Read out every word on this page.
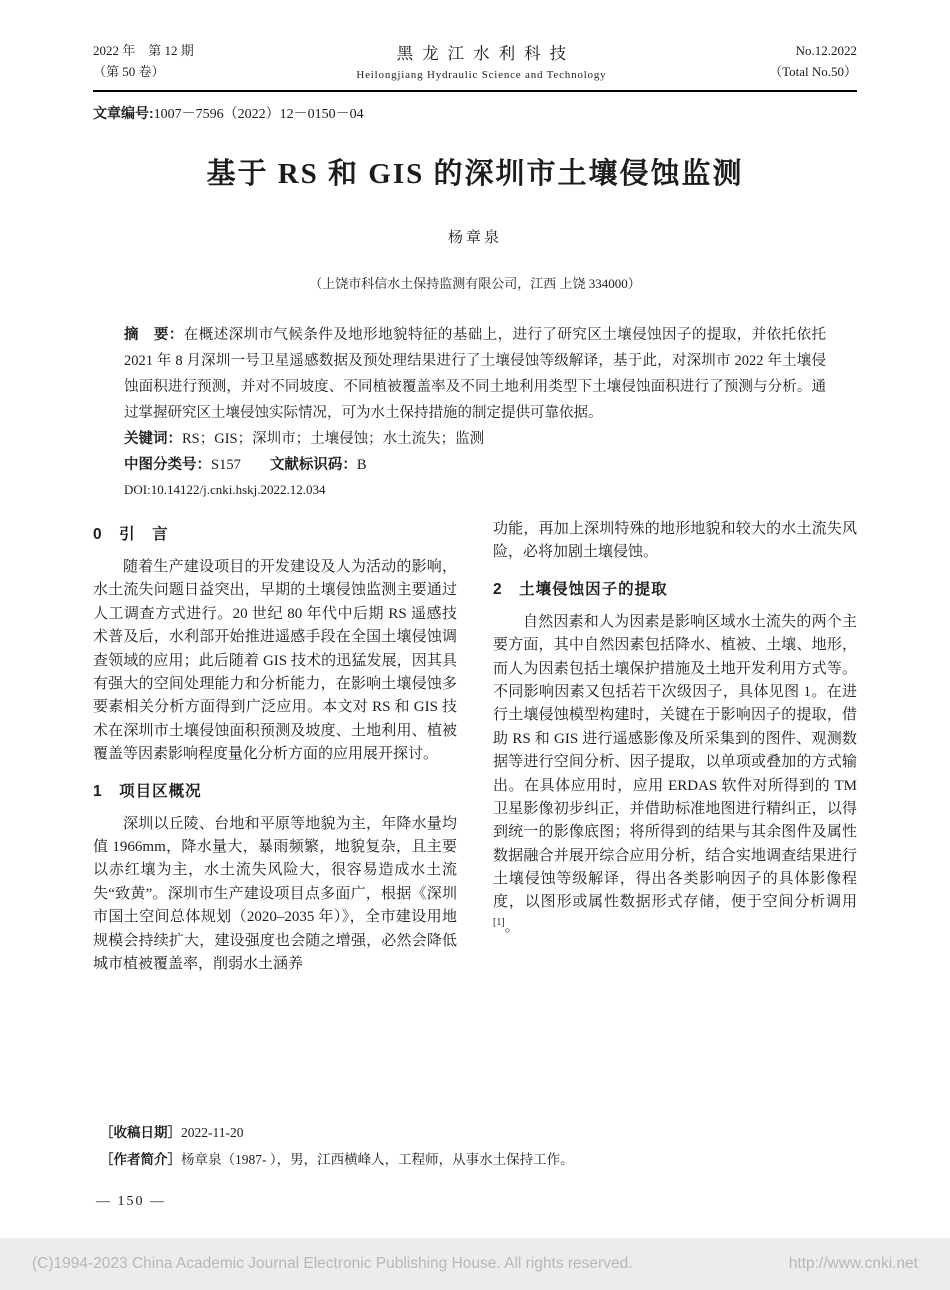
2022 年　第 12 期
（第 50 卷）
黑龙江水利科技
Heilongjiang Hydraulic Science and Technology
No.12.2022
（Total No.50）
文章编号:1007－7596（2022）12－0150－04
基于 RS 和 GIS 的深圳市土壤侵蚀监测
杨章泉
（上饶市科信水土保持监测有限公司，江西 上饶 334000）

摘　要：在概述深圳市气候条件及地形地貌特征的基础上，进行了研究区土壤侵蚀因子的提取，并依托依托 2021 年 8 月深圳一号卫星遥感数据及预处理结果进行了土壤侵蚀等级解译，基于此，对深圳市 2022 年土壤侵蚀面积进行预测，并对不同坡度、不同植被覆盖率及不同土地利用类型下土壤侵蚀面积进行了预测与分析。通过掌握研究区土壤侵蚀实际情况，可为水土保持措施的制定提供可靠依据。

关键词：RS；GIS；深圳市；土壤侵蚀；水土流失；监测

中图分类号：S157 文献标识码：B

DOI:10.14122/j.cnki.hskj.2022.12.034

0　引　言

随着生产建设项目的开发建设及人为活动的影响，水土流失问题日益突出，早期的土壤侵蚀监测主要通过人工调查方式进行。20 世纪 80 年代中后期 RS 遥感技术普及后，水利部开始推进遥感手段在全国土壤侵蚀调查领域的应用；此后随着 GIS 技术的迅猛发展，因其具有强大的空间处理能力和分析能力，在影响土壤侵蚀多要素相关分析方面得到广泛应用。本文对 RS 和 GIS 技术在深圳市土壤侵蚀面积预测及坡度、土地利用、植被覆盖等因素影响程度量化分析方面的应用展开探讨。

1　项目区概况

深圳以丘陵、台地和平原等地貌为主，年降水量均值 1966mm，降水量大，暴雨频繁，地貌复杂，且主要以赤红壤为主，水土流失风险大，很容易造成水土流失“致黄”。深圳市生产建设项目点多面广，根据《深圳市国土空间总体规划（2020–2035 年）》，全市建设用地规模会持续扩大，建设强度也会随之增强，必然会降低城市植被覆盖率，削弱水土涵养

功能，再加上深圳特殊的地形地貌和较大的水土流失风险，必将加剧土壤侵蚀。

2　土壤侵蚀因子的提取

自然因素和人为因素是影响区域水土流失的两个主要方面，其中自然因素包括降水、植被、土壤、地形，而人为因素包括土壤保护措施及土地开发利用方式等。不同影响因素又包括若干次级因子，具体见图 1。在进行土壤侵蚀模型构建时，关键在于影响因子的提取，借助 RS 和 GIS 进行遥感影像及所采集到的图件、观测数据等进行空间分析、因子提取，以单项或叠加的方式输出。在具体应用时，应用 ERDAS 软件对所得到的 TM 卫星影像初步纠正，并借助标准地图进行精纠正，以得到统一的影像底图；将所得到的结果与其余图件及属性数据融合并展开综合应用分析，结合实地调查结果进行土壤侵蚀等级解译，得出各类影响因子的具体影像程度，以图形或属性数据形式存储，便于空间分析调用[1]。

［收稿日期］2022-11-20

［作者简介］杨章泉（1987- ），男，江西横峰人，工程师，从事水土保持工作。

— 150 —
(C)1994-2023 China Academic Journal Electronic Publishing House. All rights reserved.	http://www.cnki.net
